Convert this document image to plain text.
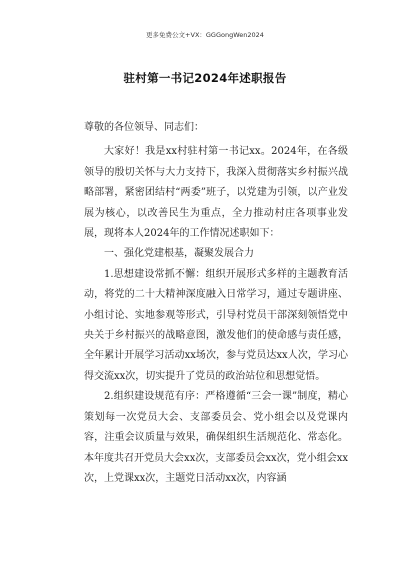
更多免费公文+VX：GGGongWen2024
驻村第一书记2024年述职报告

尊敬的各位领导、同志们：

大家好！我是xx村驻村第一书记xx。2024年，在各级领导的殷切关怀与大力支持下，我深入贯彻落实乡村振兴战略部署，紧密团结村“两委”班子，以党建为引领，以产业发展为核心，以改善民生为重点，全力推动村庄各项事业发展，现将本人2024年的工作情况述职如下：

一、强化党建根基，凝聚发展合力

1.思想建设常抓不懈：组织开展形式多样的主题教育活动，将党的二十大精神深度融入日常学习，通过专题讲座、小组讨论、实地参观等形式，引导村党员干部深刻领悟党中央关于乡村振兴的战略意图，激发他们的使命感与责任感，全年累计开展学习活动xx场次，参与党员达xx人次，学习心得交流xx次，切实提升了党员的政治站位和思想觉悟。

2.组织建设规范有序：严格遵循“三会一课”制度，精心策划每一次党员大会、支部委员会、党小组会以及党课内容，注重会议质量与效果，确保组织生活规范化、常态化。本年度共召开党员大会xx次，支部委员会xx次，党小组会xx次，上党课xx次，主题党日活动xx次，内容涵
